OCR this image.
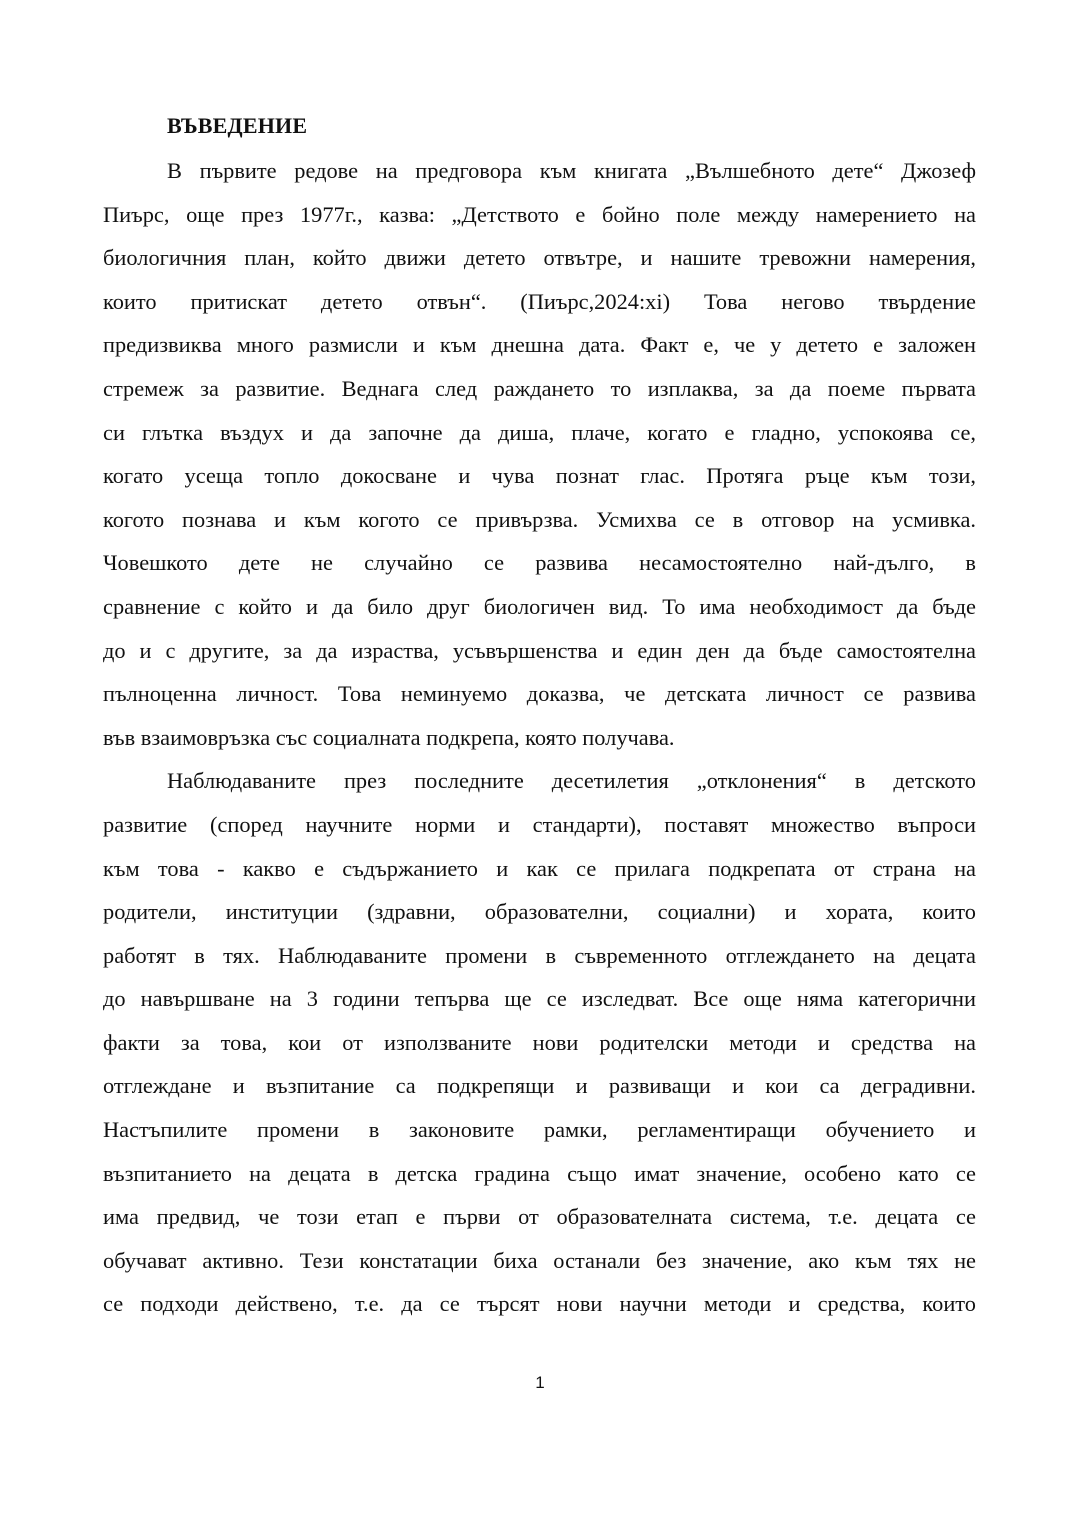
ВЪВЕДЕНИЕ
В първите редове на предговора към книгата „Вълшебното дете“ Джозеф
Пиърс, още през 1977г., казва: „Детството е бойно поле между намерението на
биологичния план, който движи детето отвътре, и нашите тревожни намерения,
които притискат детето отвън“. (Пиърс,2024:xi) Това негово твърдение
предизвиква много размисли и към днешна дата. Факт е, че у детето е заложен
стремеж за развитие. Веднага след раждането то изплаква, за да поеме първата
си глътка въздух и да започне да диша, плаче, когато е гладно, успокоява се,
когато усеща топло докосване и чува познат глас. Протяга ръце към този,
когото познава и към когото се привързва. Усмихва се в отговор на усмивка.
Човешкото дете не случайно се развива несамостоятелно най-дълго, в
сравнение с който и да било друг биологичен вид. То има необходимост да бъде
до и с другите, за да израства, усъвършенства и един ден да бъде самостоятелна
пълноценна личност. Това неминуемо доказва, че детската личност се развива
във взаимовръзка със социалната подкрепа, която получава.
Наблюдаваните през последните десетилетия „отклонения“ в детското
развитие (според научните норми и стандарти), поставят множество въпроси
към това - какво е съдържанието и как се прилага подкрепата от страна на
родители, институции (здравни, образователни, социални) и хората, които
работят в тях. Наблюдаваните промени в съвременното отглеждането на децата
до навършване на 3 години тепърва ще се изследват. Все още няма категорични
факти за това, кои от използваните нови родителски методи и средства на
отглеждане и възпитание са подкрепящи и развиващи и кои са деградивни.
Настъпилите промени в законовите рамки, регламентиращи обучението и
възпитанието на децата в детска градина също имат значение, особено като се
има предвид, че този етап е първи от образователната система, т.е. децата се
обучават активно. Тези констатации биха останали без значение, ако към тях не
се подходи действено, т.е. да се търсят нови научни методи и средства, които
1
